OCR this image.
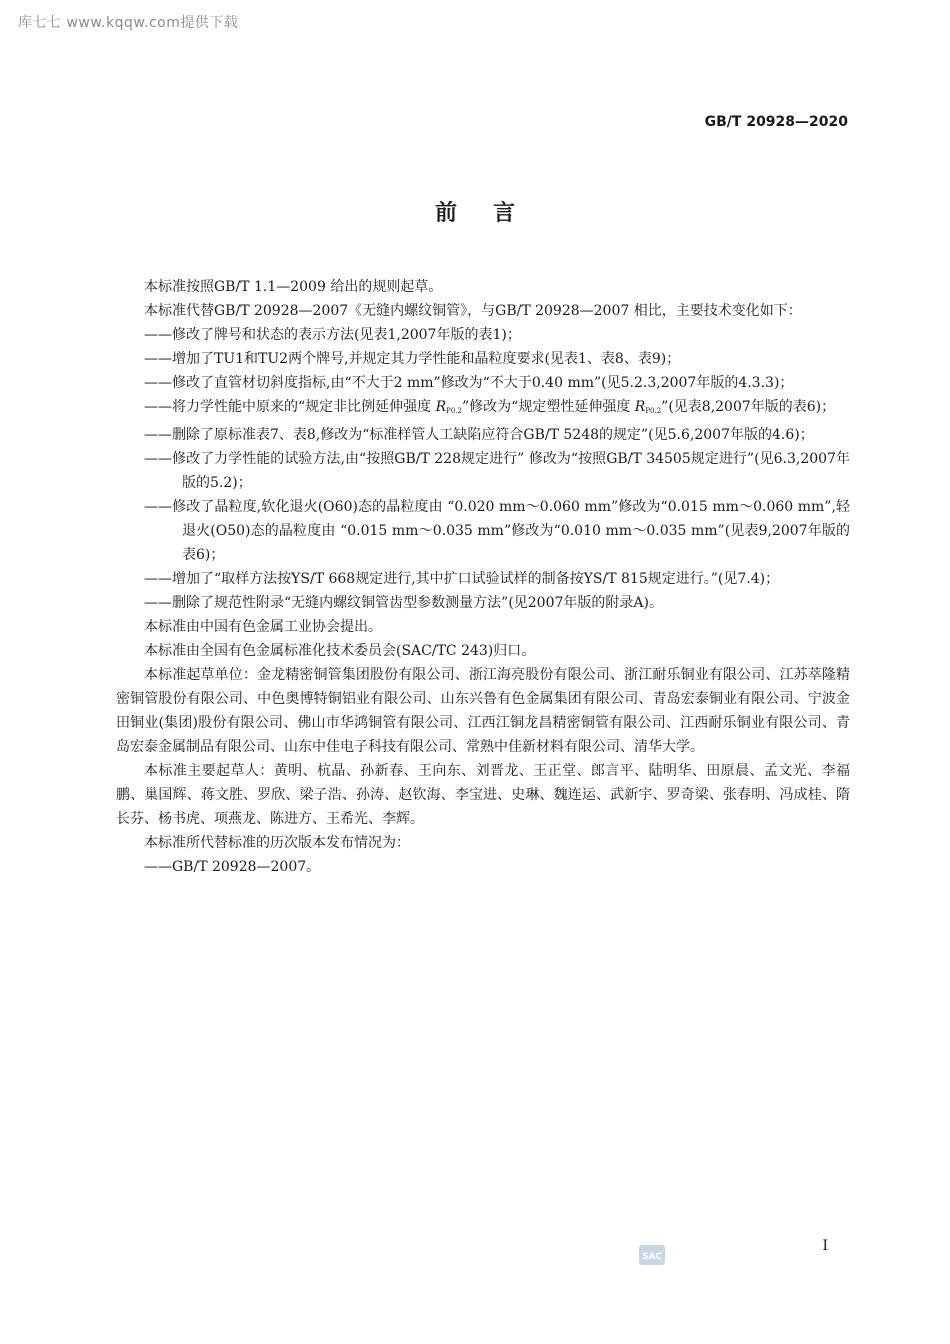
库七七 www.kqqw.com提供下载
GB/T 20928—2020
前言

本标准按照GB/T 1.1—2009 给出的规则起草。

本标准代替GB/T 20928—2007《无缝内螺纹铜管》，与GB/T 20928—2007 相比，主要技术变化如下：

——修改了牌号和状态的表示方法(见表1,2007年版的表1)；

——增加了TU1和TU2两个牌号,并规定其力学性能和晶粒度要求(见表1、表8、表9)；

——修改了直管材切斜度指标,由“不大于2 mm”修改为“不大于0.40 mm”(见5.2.3,2007年版的4.3.3)；

——将力学性能中原来的“规定非比例延伸强度 $R_{P0.2}$”修改为“规定塑性延伸强度 $R_{P0.2}$”(见表8,2007年版的表6)；

——删除了原标准表7、表8,修改为“标准样管人工缺陷应符合GB/T 5248的规定”(见5.6,2007年版的4.6)；

——修改了力学性能的试验方法,由“按照GB/T 228规定进行” 修改为“按照GB/T 34505规定进行”(见6.3,2007年版的5.2)；

——修改了晶粒度,软化退火(O60)态的晶粒度由 “0.020 mm～0.060 mm”修改为“0.015 mm～0.060 mm”,轻退火(O50)态的晶粒度由 “0.015 mm～0.035 mm”修改为“0.010 mm～0.035 mm”(见表9,2007年版的表6)；

——增加了“取样方法按YS/T 668规定进行,其中扩口试验试样的制备按YS/T 815规定进行。”(见7.4)；

——删除了规范性附录“无缝内螺纹铜管齿型参数测量方法”(见2007年版的附录A)。

本标准由中国有色金属工业协会提出。

本标准由全国有色金属标准化技术委员会(SAC/TC 243)归口。

本标准起草单位：金龙精密铜管集团股份有限公司、浙江海亮股份有限公司、浙江耐乐铜业有限公司、江苏萃隆精密铜管股份有限公司、中色奥博特铜铝业有限公司、山东兴鲁有色金属集团有限公司、青岛宏泰铜业有限公司、宁波金田铜业(集团)股份有限公司、佛山市华鸿铜管有限公司、江西江铜龙昌精密铜管有限公司、江西耐乐铜业有限公司、青岛宏泰金属制品有限公司、山东中佳电子科技有限公司、常熟中佳新材料有限公司、清华大学。

本标准主要起草人：黄明、杭晶、孙新春、王向东、刘晋龙、王正堂、郎言平、陆明华、田原晨、孟文光、李福鹏、巢国辉、蒋文胜、罗欣、梁子浩、孙涛、赵钦海、李宝进、史琳、魏连运、武新宇、罗奇梁、张春明、冯成桂、隋长芬、杨书虎、项燕龙、陈进方、王希光、李辉。

本标准所代替标准的历次版本发布情况为：

——GB/T 20928—2007。

SAC
I
